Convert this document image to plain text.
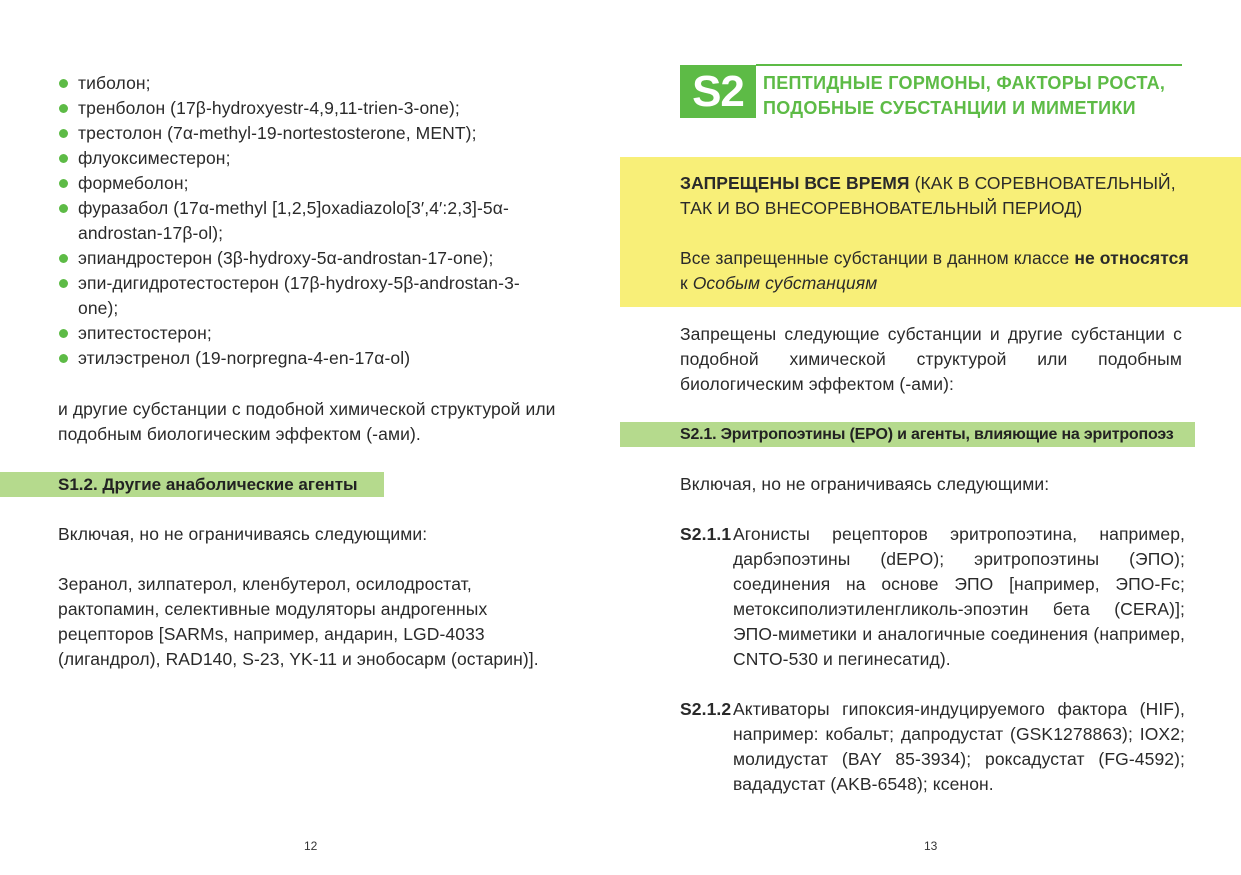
тиболон;
тренболон (17β-hydroxyestr-4,9,11-trien-3-one);
трестолон (7α-methyl-19-nortestosterone, MENT);
флуоксиместерон;
формеболон;
фуразабол (17α-methyl [1,2,5]oxadiazolo[3′,4′:2,3]-5α-androstan-17β-ol);
эпиандростерон (3β-hydroxy-5α-androstan-17-one);
эпи-дигидротестостерон (17β-hydroxy-5β-androstan-3-one);
эпитестостерон;
этилэстренол (19-norpregna-4-en-17α-ol)
и другие субстанции с подобной химической структурой или подобным биологическим эффектом (-ами).
S1.2. Другие анаболические агенты
Включая, но не ограничиваясь следующими:
Зеранол, зилпатерол, кленбутерол, осилодростат, рактопамин, селективные модуляторы андрогенных рецепторов [SARMs, например, андарин, LGD-4033 (лигандрол), RAD140, S-23, YK-11 и энобосарм (остарин)].
12
S2	ПЕПТИДНЫЕ ГОРМОНЫ, ФАКТОРЫ РОСТА,
ПОДОБНЫЕ СУБСТАНЦИИ И МИМЕТИКИ
ЗАПРЕЩЕНЫ ВСЕ ВРЕМЯ (КАК В СОРЕВНОВАТЕЛЬНЫЙ,
ТАК И ВО ВНЕСОРЕВНОВАТЕЛЬНЫЙ ПЕРИОД)
Все запрещенные субстанции в данном классе не относятся
к Особым субстанциям
Запрещены следующие субстанции и другие субстанции с подобной химической структурой или подобным биологическим эффектом (-ами):
S2.1. Эритропоэтины (EPO) и агенты, влияющие на эритропоэз
Включая, но не ограничиваясь следующими:
S2.1.1 Агонисты рецепторов эритропоэтина, например, дарбэпоэтины (dEPO); эритропоэтины (ЭПО); соединения на основе ЭПО [например, ЭПО-Fc; метоксиполиэтиленгликоль-эпоэтин бета (CERA)]; ЭПО-миметики и аналогичные соединения (например, CNTO-530 и пегинесатид).
S2.1.2 Активаторы гипоксия-индуцируемого фактора (HIF), например: кобальт; дапродустат (GSK1278863); IOX2; молидустат (BAY 85-3934); роксадустат (FG-4592); вададустат (AKB-6548); ксенон.
13
